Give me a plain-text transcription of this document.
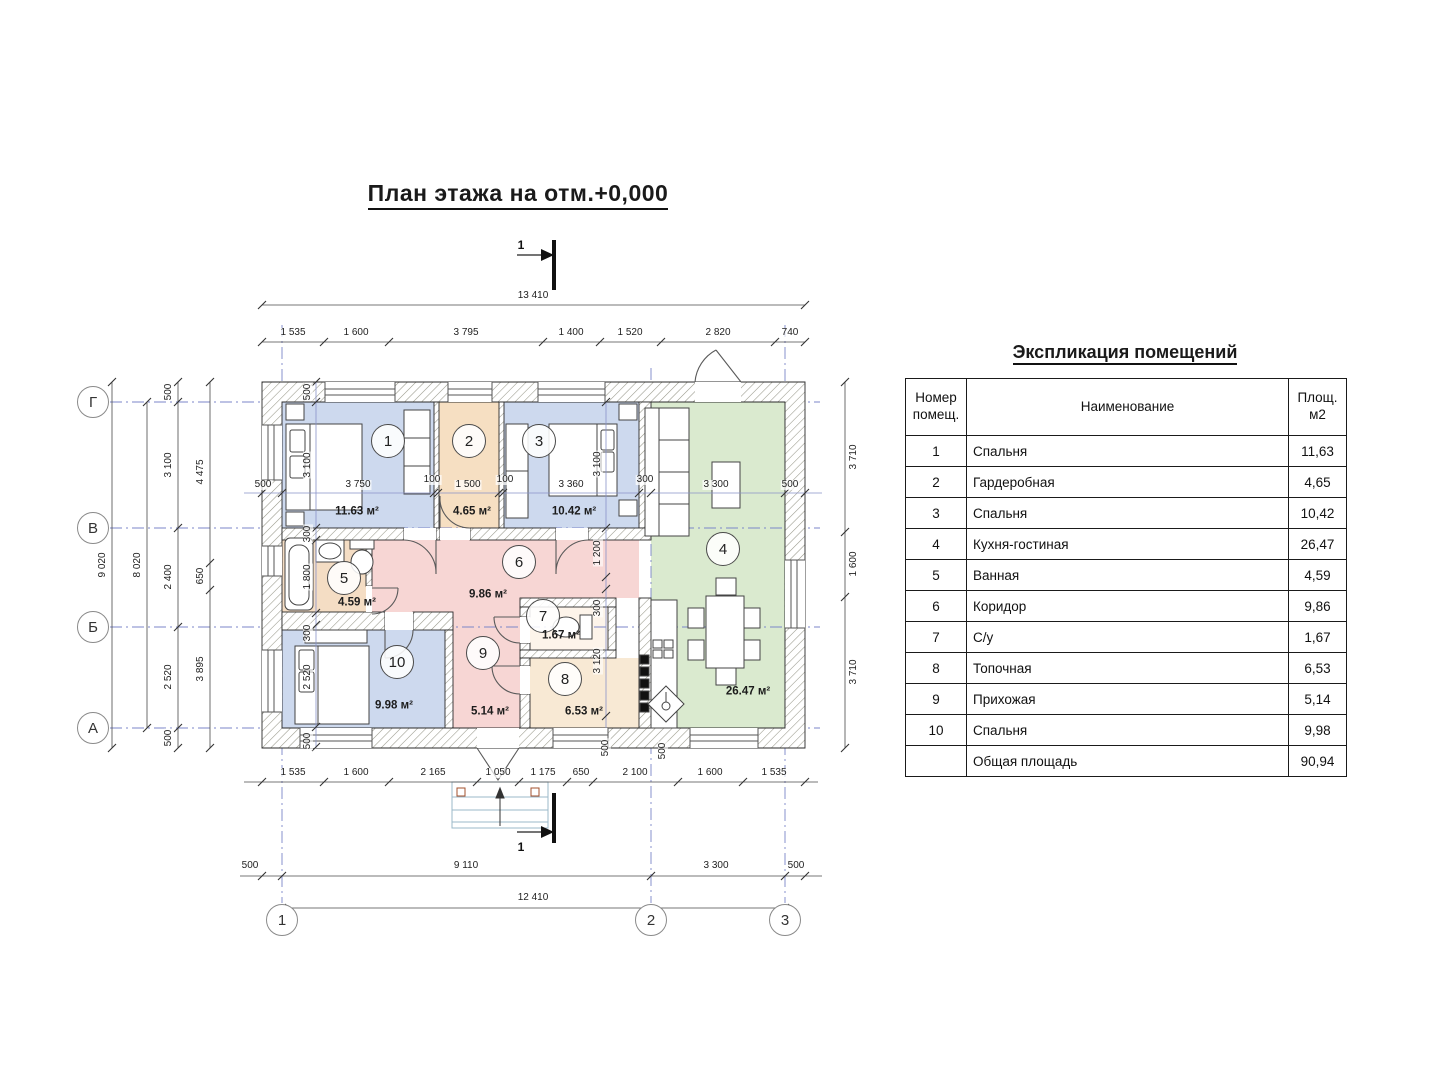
План этажа на отм.+0,000
13 410
1 535	1 600	3 795	1 400	1 520	2 820	740
1 535	1 600	2 165	1 050 1 175 650	2 100	1 600	1 535
500	9 110	3 300	500
12 410
9 020 8 020
500
3 100
2 400
2 520
500
4 475
650
3 895
3 710
1 600
3 710
500	3 750	100 1 500 100	3 360	300	3 300	500
500
3 100
300
1 800
300
2 520
500
3 100
1 200
300
3 120
500	500
1
1
1
11.63 м²
2
4.65 м²
3
10.42 м²
4
26.47 м²
5
4.59 м²
6
9.86 м²
7
1.67 м²
8
6.53 м²
9
5.14 м²
10
9.98 м²
Г
В
Б
А
1	2	3
Экспликация помещений
Номер помещ.	Наименование	Площ. м2
1	Спальня	11,63
2	Гардеробная	4,65
3	Спальня	10,42
4	Кухня-гостиная	26,47
5	Ванная	4,59
6	Коридор	9,86
7	С/у	1,67
8	Топочная	6,53
9	Прихожая	5,14
10	Спальня	9,98
	Общая площадь	90,94
